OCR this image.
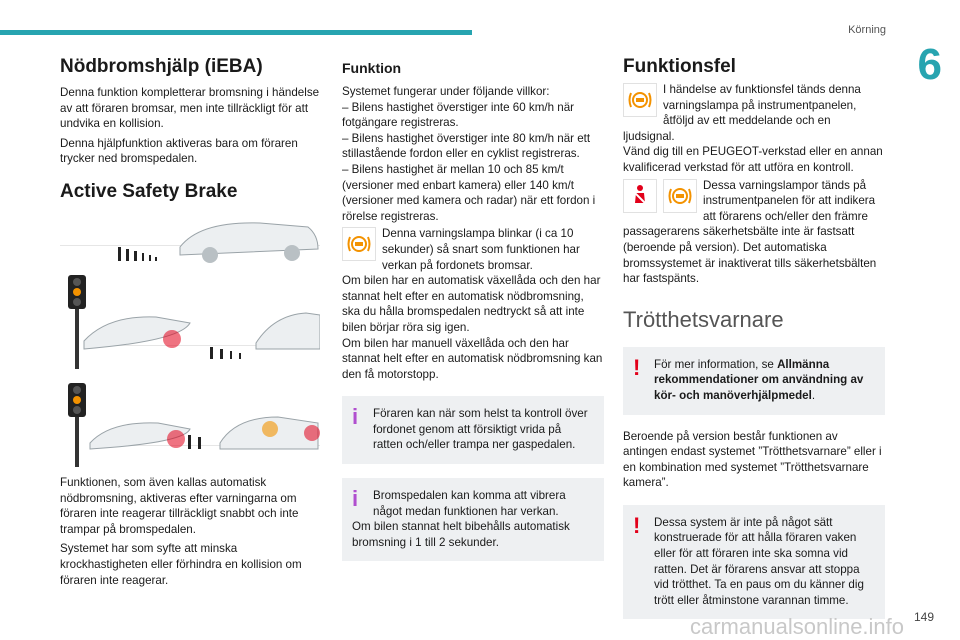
Körning
6
Nödbromshjälp (iEBA)

Denna funktion kompletterar bromsning i händelse av att föraren bromsar, men inte tillräckligt för att undvika en kollision.

Denna hjälpfunktion aktiveras bara om föraren trycker ned bromspedalen.

Active Safety Brake

Funktionen, som även kallas automatisk nödbromsning, aktiveras efter varningarna om föraren inte reagerar tillräckligt snabbt och inte trampar på bromspedalen.

Systemet har som syfte att minska krockhastigheten eller förhindra en kollision om föraren inte reagerar.

Funktion

Systemet fungerar under följande villkor:

– Bilens hastighet överstiger inte 60 km/h när fotgängare registreras.

– Bilens hastighet överstiger inte 80 km/h när ett stillastående fordon eller en cyklist registreras.

– Bilens hastighet är mellan 10 och 85 km/t (versioner med enbart kamera) eller 140 km/t (versioner med kamera och radar) när ett fordon i rörelse registreras.

Denna varningslampa blinkar (i ca 10 sekunder) så snart som funktionen har verkan på fordonets bromsar.

Om bilen har en automatisk växellåda och den har stannat helt efter en automatisk nödbromsning, ska du hålla bromspedalen nedtryckt så att inte bilen börjar röra sig igen.

Om bilen har manuell växellåda och den har stannat helt efter en automatisk nödbromsning kan den få motorstopp.

i	Föraren kan när som helst ta kontroll över fordonet genom att försiktigt vrida på ratten och/eller trampa ner gaspedalen.
i	Bromspedalen kan komma att vibrera något medan funktionen har verkan.
Om bilen stannat helt bibehålls automatisk bromsning i 1 till 2 sekunder.
Funktionsfel

I händelse av funktionsfel tänds denna varningslampa på instrumentpanelen, åtföljd av ett meddelande och en ljudsignal.

Vänd dig till en PEUGEOT-verkstad eller en annan kvalificerad verkstad för att utföra en kontroll.

Dessa varningslampor tänds på instrumentpanelen för att indikera att förarens och/eller den främre passagerarens säkerhetsbälte inte är fastsatt (beroende på version). Det automatiska bromssystemet är inaktiverat tills säkerhetsbälten har fastspänts.

Trötthetsvarnare
!	För mer information, se Allmänna rekommendationer om användning av kör- och manöverhjälpmedel.

Beroende på version består funktionen av antingen endast systemet ”Trötthetsvarnare” eller i en kombination med systemet ”Trötthetsvarnare kamera”.

!	Dessa system är inte på något sätt konstruerade för att hålla föraren vaken eller för att föraren inte ska somna vid ratten. Det är förarens ansvar att stoppa vid trötthet. Ta en paus om du känner dig trött eller åtminstone varannan timme.
149
carmanualsonline.info
